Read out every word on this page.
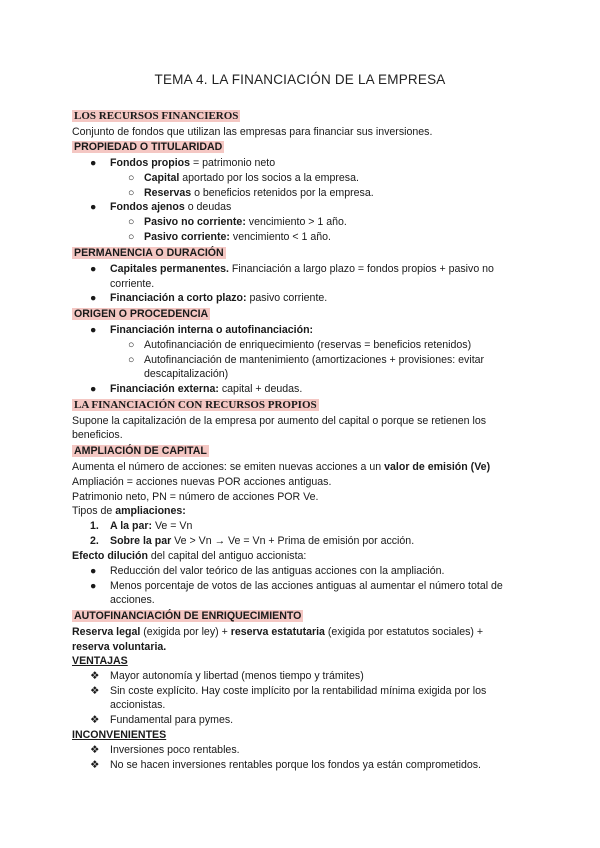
TEMA 4. LA FINANCIACIÓN DE LA EMPRESA
LOS RECURSOS FINANCIEROS
Conjunto de fondos que utilizan las empresas para financiar sus inversiones.
PROPIEDAD O TITULARIDAD
● Fondos propios = patrimonio neto
○ Capital aportado por los socios a la empresa.
○ Reservas o beneficios retenidos por la empresa.
● Fondos ajenos o deudas
○ Pasivo no corriente: vencimiento > 1 año.
○ Pasivo corriente: vencimiento < 1 año.
PERMANENCIA O DURACIÓN
● Capitales permanentes. Financiación a largo plazo = fondos propios + pasivo no
corriente.
● Financiación a corto plazo: pasivo corriente.
ORIGEN O PROCEDENCIA
● Financiación interna o autofinanciación:
○ Autofinanciación de enriquecimiento (reservas = beneficios retenidos)
○ Autofinanciación de mantenimiento (amortizaciones + provisiones: evitar
descapitalización)
● Financiación externa: capital + deudas.
LA FINANCIACIÓN CON RECURSOS PROPIOS
Supone la capitalización de la empresa por aumento del capital o porque se retienen los
beneficios.
AMPLIACIÓN DE CAPITAL
Aumenta el número de acciones: se emiten nuevas acciones a un valor de emisión (Ve)
Ampliación = acciones nuevas POR acciones antiguas.
Patrimonio neto, PN = número de acciones POR Ve.
Tipos de ampliaciones:
1. A la par: Ve = Vn
2. Sobre la par Ve > Vn → Ve = Vn + Prima de emisión por acción.
Efecto dilución del capital del antiguo accionista:
● Reducción del valor teórico de las antiguas acciones con la ampliación.
● Menos porcentaje de votos de las acciones antiguas al aumentar el número total de
acciones.
AUTOFINANCIACIÓN DE ENRIQUECIMIENTO
Reserva legal (exigida por ley) + reserva estatutaria (exigida por estatutos sociales) +
reserva voluntaria.
VENTAJAS
❖ Mayor autonomía y libertad (menos tiempo y trámites)
❖ Sin coste explícito. Hay coste implícito por la rentabilidad mínima exigida por los
accionistas.
❖ Fundamental para pymes.
INCONVENIENTES
❖ Inversiones poco rentables.
❖ No se hacen inversiones rentables porque los fondos ya están comprometidos.
